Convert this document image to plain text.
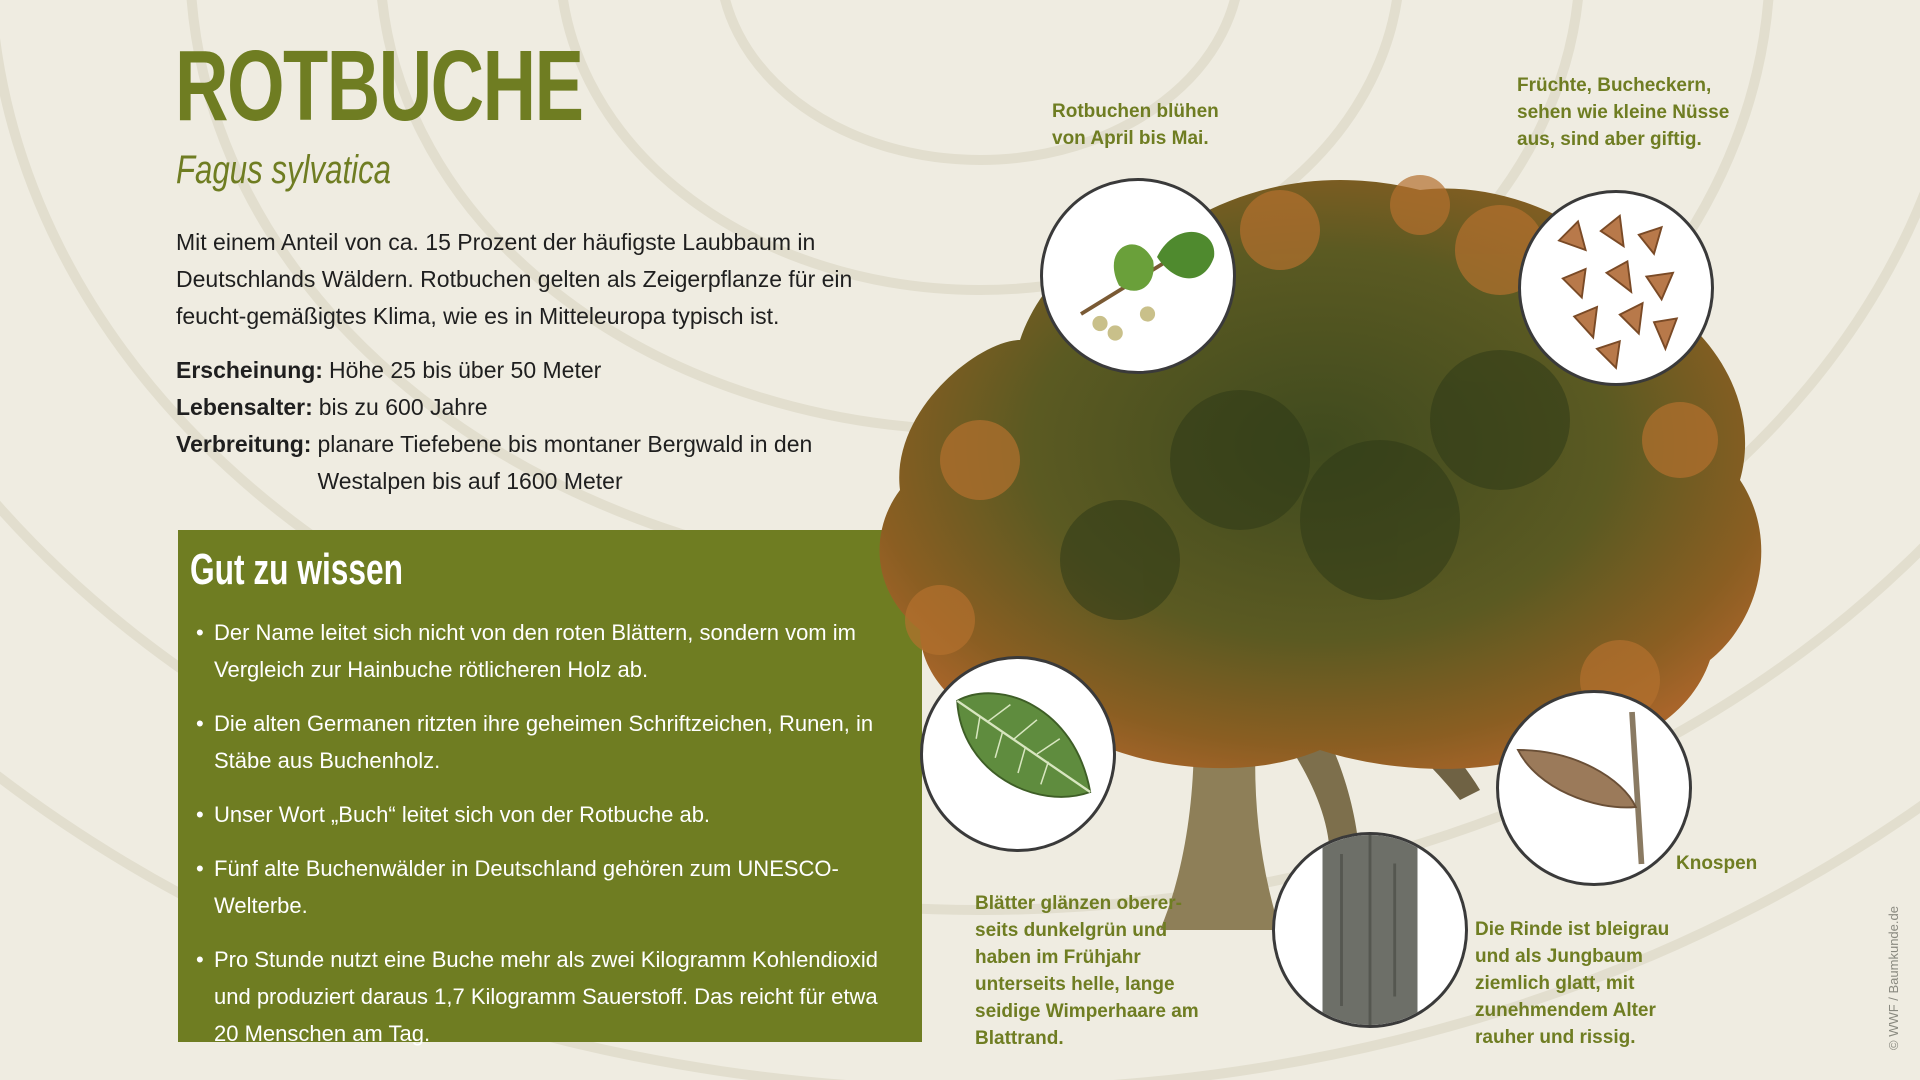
ROTBUCHE
Fagus sylvatica

Mit einem Anteil von ca. 15 Prozent der häufigste Laubbaum in Deutschlands Wäldern. Rotbuchen gelten als Zeigerpflanze für ein feucht-gemäßigtes Klima, wie es in Mitteleuropa typisch ist.

Erscheinung: Höhe 25 bis über 50 Meter
Lebensalter: bis zu 600 Jahre
Verbreitung: planare Tiefebene bis montaner Bergwald in den Westalpen bis auf 1600 Meter
Gut zu wissen
• Der Name leitet sich nicht von den roten Blättern, sondern vom im Vergleich zur Hainbuche rötlicheren Holz ab.
• Die alten Germanen ritzten ihre geheimen Schriftzeichen, Runen, in Stäbe aus Buchenholz.
• Unser Wort „Buch“ leitet sich von der Rotbuche ab.
• Fünf alte Buchenwälder in Deutschland gehören zum UNESCO-Welterbe.
• Pro Stunde nutzt eine Buche mehr als zwei Kilogramm Kohlendioxid und produziert daraus 1,7 Kilogramm Sauerstoff. Das reicht für etwa 20 Menschen am Tag.

Rotbuchen blühen von April bis Mai.

Früchte, Bucheckern, sehen wie kleine Nüsse aus, sind aber giftig.

Blätter glänzen oberer-seits dunkelgrün und haben im Frühjahr unterseits helle, lange seidige Wimperhaare am Blattrand.

Knospen

Die Rinde ist bleigrau und als Jungbaum ziemlich glatt, mit zunehmendem Alter rauher und rissig.	© WWF / Baumkunde.de
